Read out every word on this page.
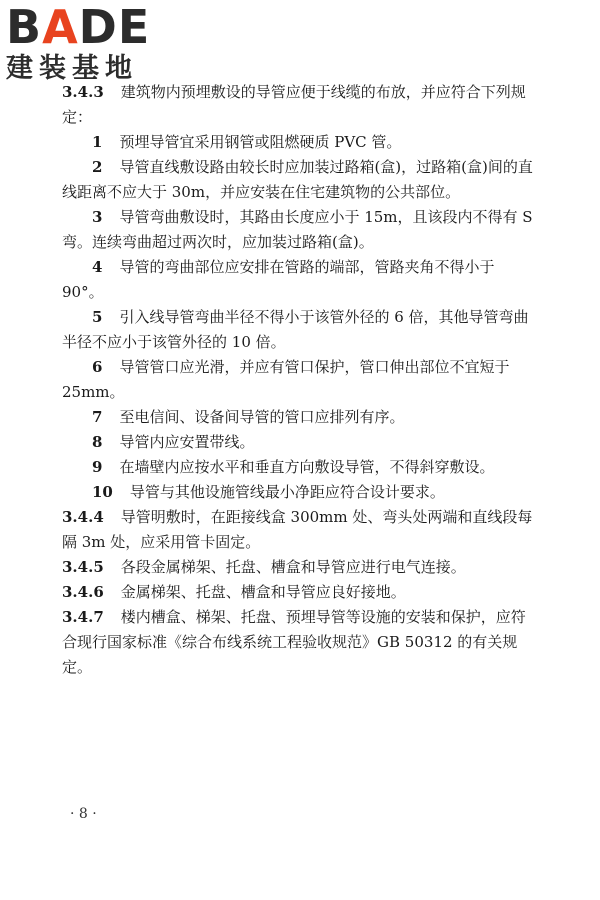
BADE
建装基地

3.4.3　 建筑物内预埋敷设的导管应便于线缆的布放，并应符合下列规定：

1　 预埋导管宜采用钢管或阻燃硬质 PVC 管。

2　 导管直线敷设路由较长时应加装过路箱(盒)，过路箱(盒)间的直线距离不应大于 30m，并应安装在住宅建筑物的公共部位。

3　 导管弯曲敷设时，其路由长度应小于 15m，且该段内不得有 S 弯。连续弯曲超过两次时，应加装过路箱(盒)。

4　 导管的弯曲部位应安排在管路的端部，管路夹角不得小于 90°。

5　 引入线导管弯曲半径不得小于该管外径的 6 倍，其他导管弯曲半径不应小于该管外径的 10 倍。

6　 导管管口应光滑，并应有管口保护，管口伸出部位不宜短于 25mm。

7　 至电信间、设备间导管的管口应排列有序。

8　 导管内应安置带线。

9　 在墙壁内应按水平和垂直方向敷设导管，不得斜穿敷设。

10　 导管与其他设施管线最小净距应符合设计要求。

3.4.4　 导管明敷时，在距接线盒 300mm 处、弯头处两端和直线段每隔 3m 处，应采用管卡固定。

3.4.5　 各段金属梯架、托盘、槽盒和导管应进行电气连接。

3.4.6　 金属梯架、托盘、槽盒和导管应良好接地。

3.4.7　 楼内槽盒、梯架、托盘、预埋导管等设施的安装和保护，应符合现行国家标准《综合布线系统工程验收规范》GB 50312 的有关规定。

· 8 ·
